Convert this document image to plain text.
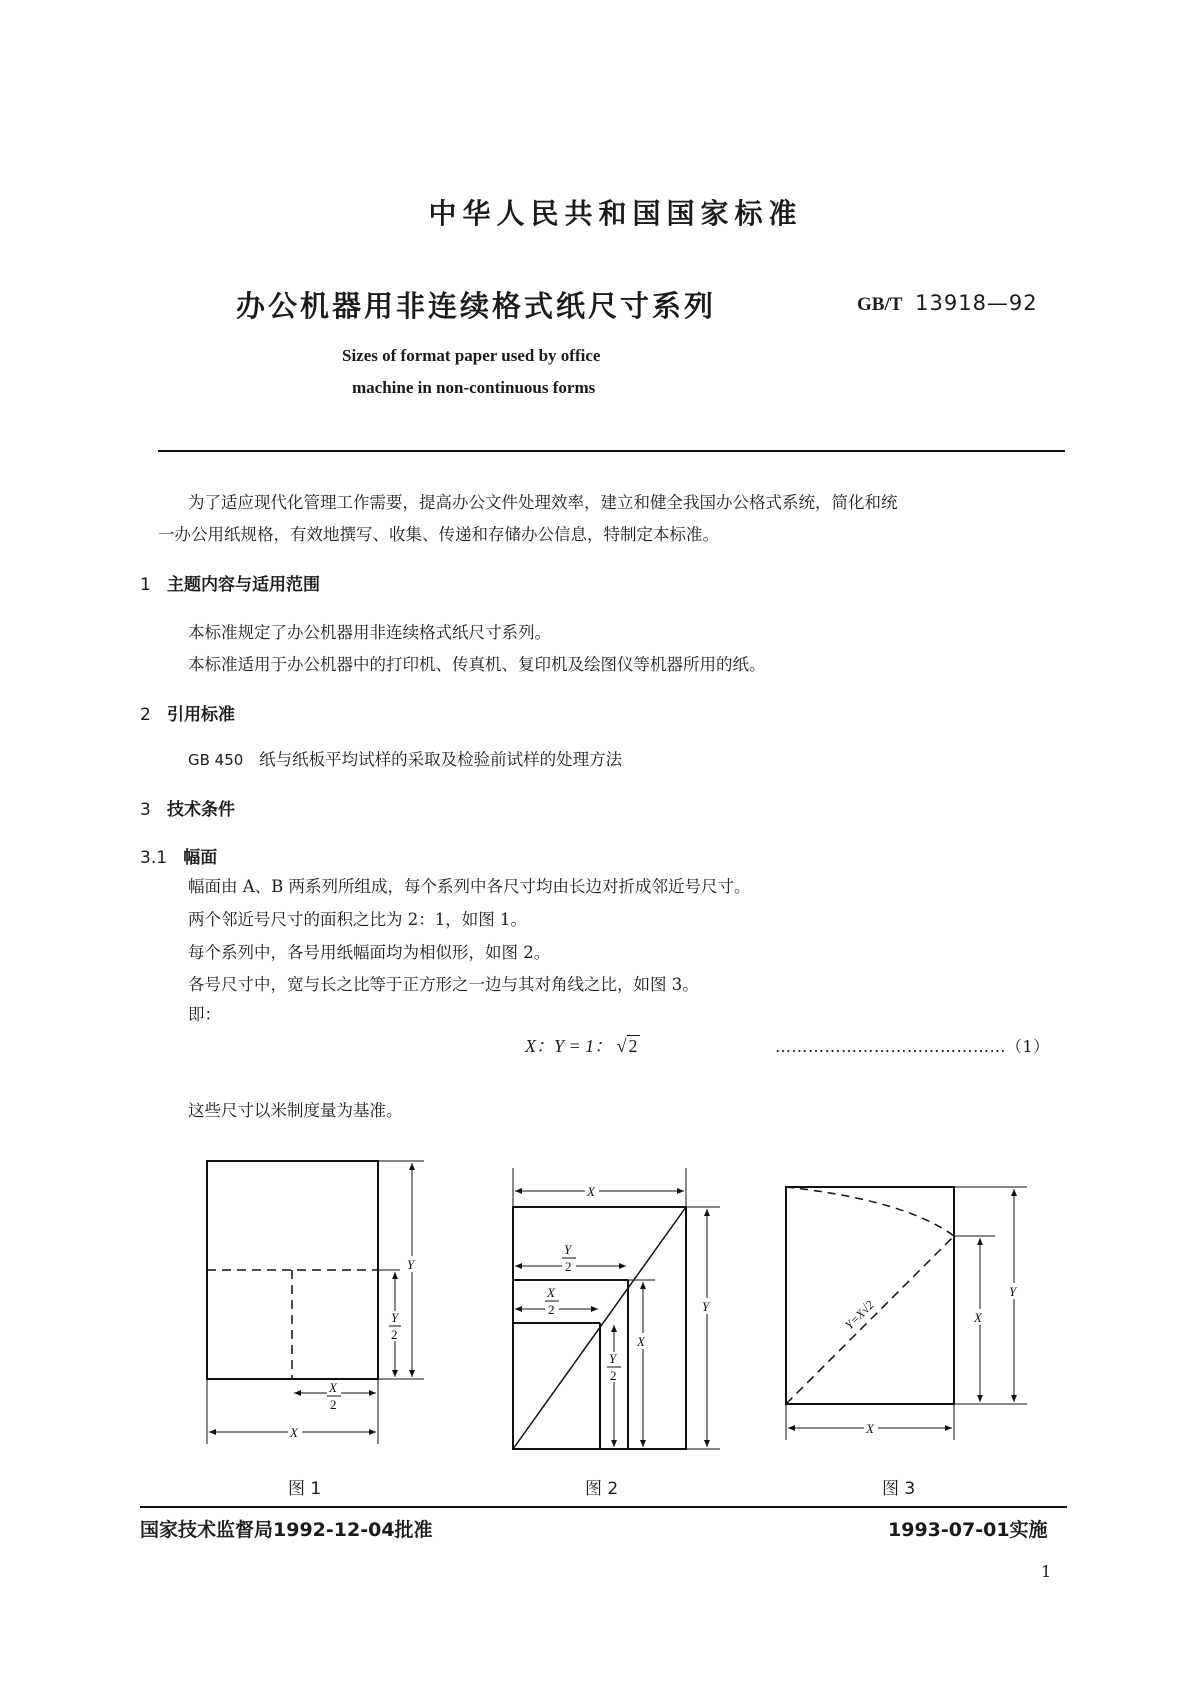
中华人民共和国国家标准
办公机器用非连续格式纸尺寸系列	GB/T 13918—92
Sizes of format paper used by office
machine in non-continuous forms
为了适应现代化管理工作需要，提高办公文件处理效率，建立和健全我国办公格式系统，简化和统
一办公用纸规格，有效地撰写、收集、传递和存储办公信息，特制定本标准。
1 主题内容与适用范围
本标准规定了办公机器用非连续格式纸尺寸系列。
本标准适用于办公机器中的打印机、传真机、复印机及绘图仪等机器所用的纸。
2 引用标准
GB 450 纸与纸板平均试样的采取及检验前试样的处理方法
3 技术条件
3.1 幅面
幅面由 A、B 两系列所组成，每个系列中各尺寸均由长边对折成邻近号尺寸。
两个邻近号尺寸的面积之比为 2：1，如图 1。
每个系列中，各号用纸幅面均为相似形，如图 2。
各号尺寸中，宽与长之比等于正方形之一边与其对角线之比，如图 3。
即：
X：Y = 1： √ 2	……………………………………（1）
这些尺寸以米制度量为基准。
Y
Y
2
X
2
X
X
Y
2
X
2	Y
X
Y
2
Y=X√2	X
Y
X
图 1	图 2	图 3
国家技术监督局1992-12-04批准	1993-07-01实施
1
